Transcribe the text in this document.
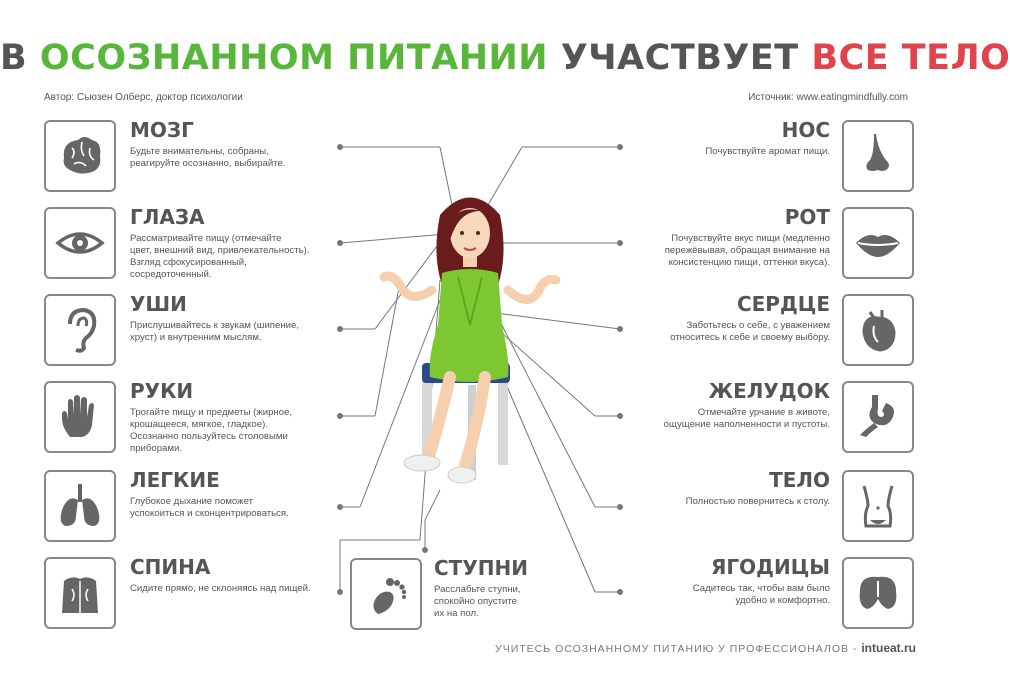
В ОСОЗНАННОМ ПИТАНИИ УЧАСТВУЕТ ВСЕ ТЕЛО
Автор: Сьюзен Олберс, доктор психологии	Источник: www.eatingmindfully.com
МОЗГ
Будьте внимательны, собраны,
реагируйте осознанно, выбирайте.
ГЛАЗА
Рассматривайте пищу (отмечайте
цвет, внешний вид, привлекательность).
Взгляд сфокусированный,
сосредоточенный.
УШИ
Прислушивайтесь к звукам (шипение,
хруст) и внутренним мыслям.
РУКИ
Трогайте пищу и предметы (жирное,
крошащееся, мягкое, гладкое).
Осознанно пользуйтесь столовыми
приборами.
ЛЕГКИЕ
Глубокое дыхание поможет
успокоиться и сконцентрироваться.
СПИНА
Сидите прямо, не склоняясь над пищей.
НОС
Почувствуйте аромат пищи.
РОТ
Почувствуйте вкус пищи (медленно
пережёвывая, обращая внимание на
консистенцию пищи, оттенки вкуса).
СЕРДЦЕ
Заботьтесь о себе, с уважением
относитесь к себе и своему выбору.
ЖЕЛУДОК
Отмечайте урчание в животе,
ощущение наполненности и пустоты.
ТЕЛО
Полностью повернитесь к столу.
ЯГОДИЦЫ
Садитесь так, чтобы вам было
удобно и комфортно.
СТУПНИ
Расслабьте ступни,
спокойно опустите
их на пол.
УЧИТЕСЬ ОСОЗНАННОМУ ПИТАНИЮ У ПРОФЕССИОНАЛОВ - intueat.ru
